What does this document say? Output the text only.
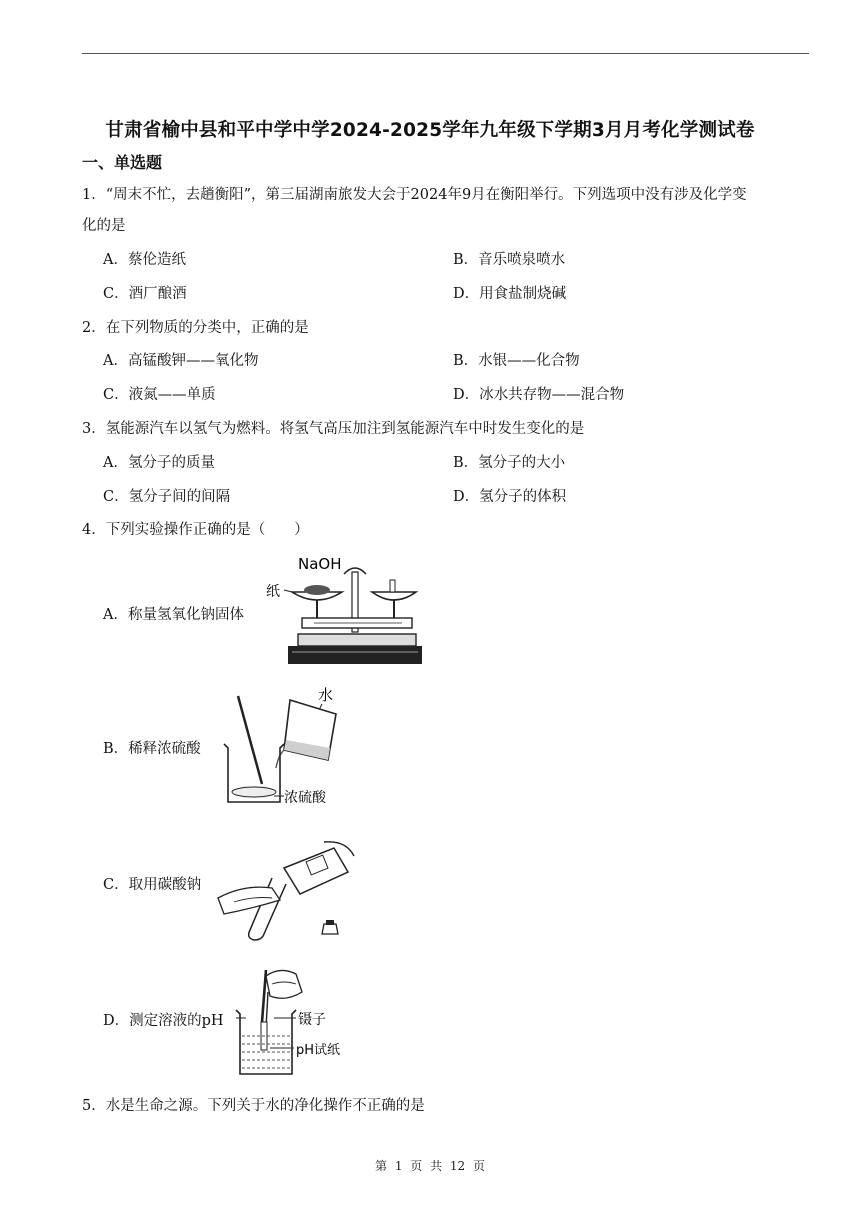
甘肃省榆中县和平中学中学2024-2025学年九年级下学期3月月考化学测试卷
一、单选题
1．“周末不忙，去趟衡阳”，第三届湖南旅发大会于2024年9月在衡阳举行。下列选项中没有涉及化学变
化的是
A．蔡伦造纸	B．音乐喷泉喷水
C．酒厂酿酒	D．用食盐制烧碱
2．在下列物质的分类中，正确的是
A．高锰酸钾——氧化物	B．水银——化合物
C．液氮——单质	D．冰水共存物——混合物
3．氢能源汽车以氢气为燃料。将氢气高压加注到氢能源汽车中时发生变化的是
A．氢分子的质量	B．氢分子的大小
C．氢分子间的间隔	D．氢分子的体积
4．下列实验操作正确的是（　　）
A．称量氢氧化钠固体
NaOH
纸
B．稀释浓硫酸
水
浓硫酸
C．取用碳酸钠
D．测定溶液的pH	镊子
pH试纸
5．水是生命之源。下列关于水的净化操作不正确的是
第 1 页 共 12 页
